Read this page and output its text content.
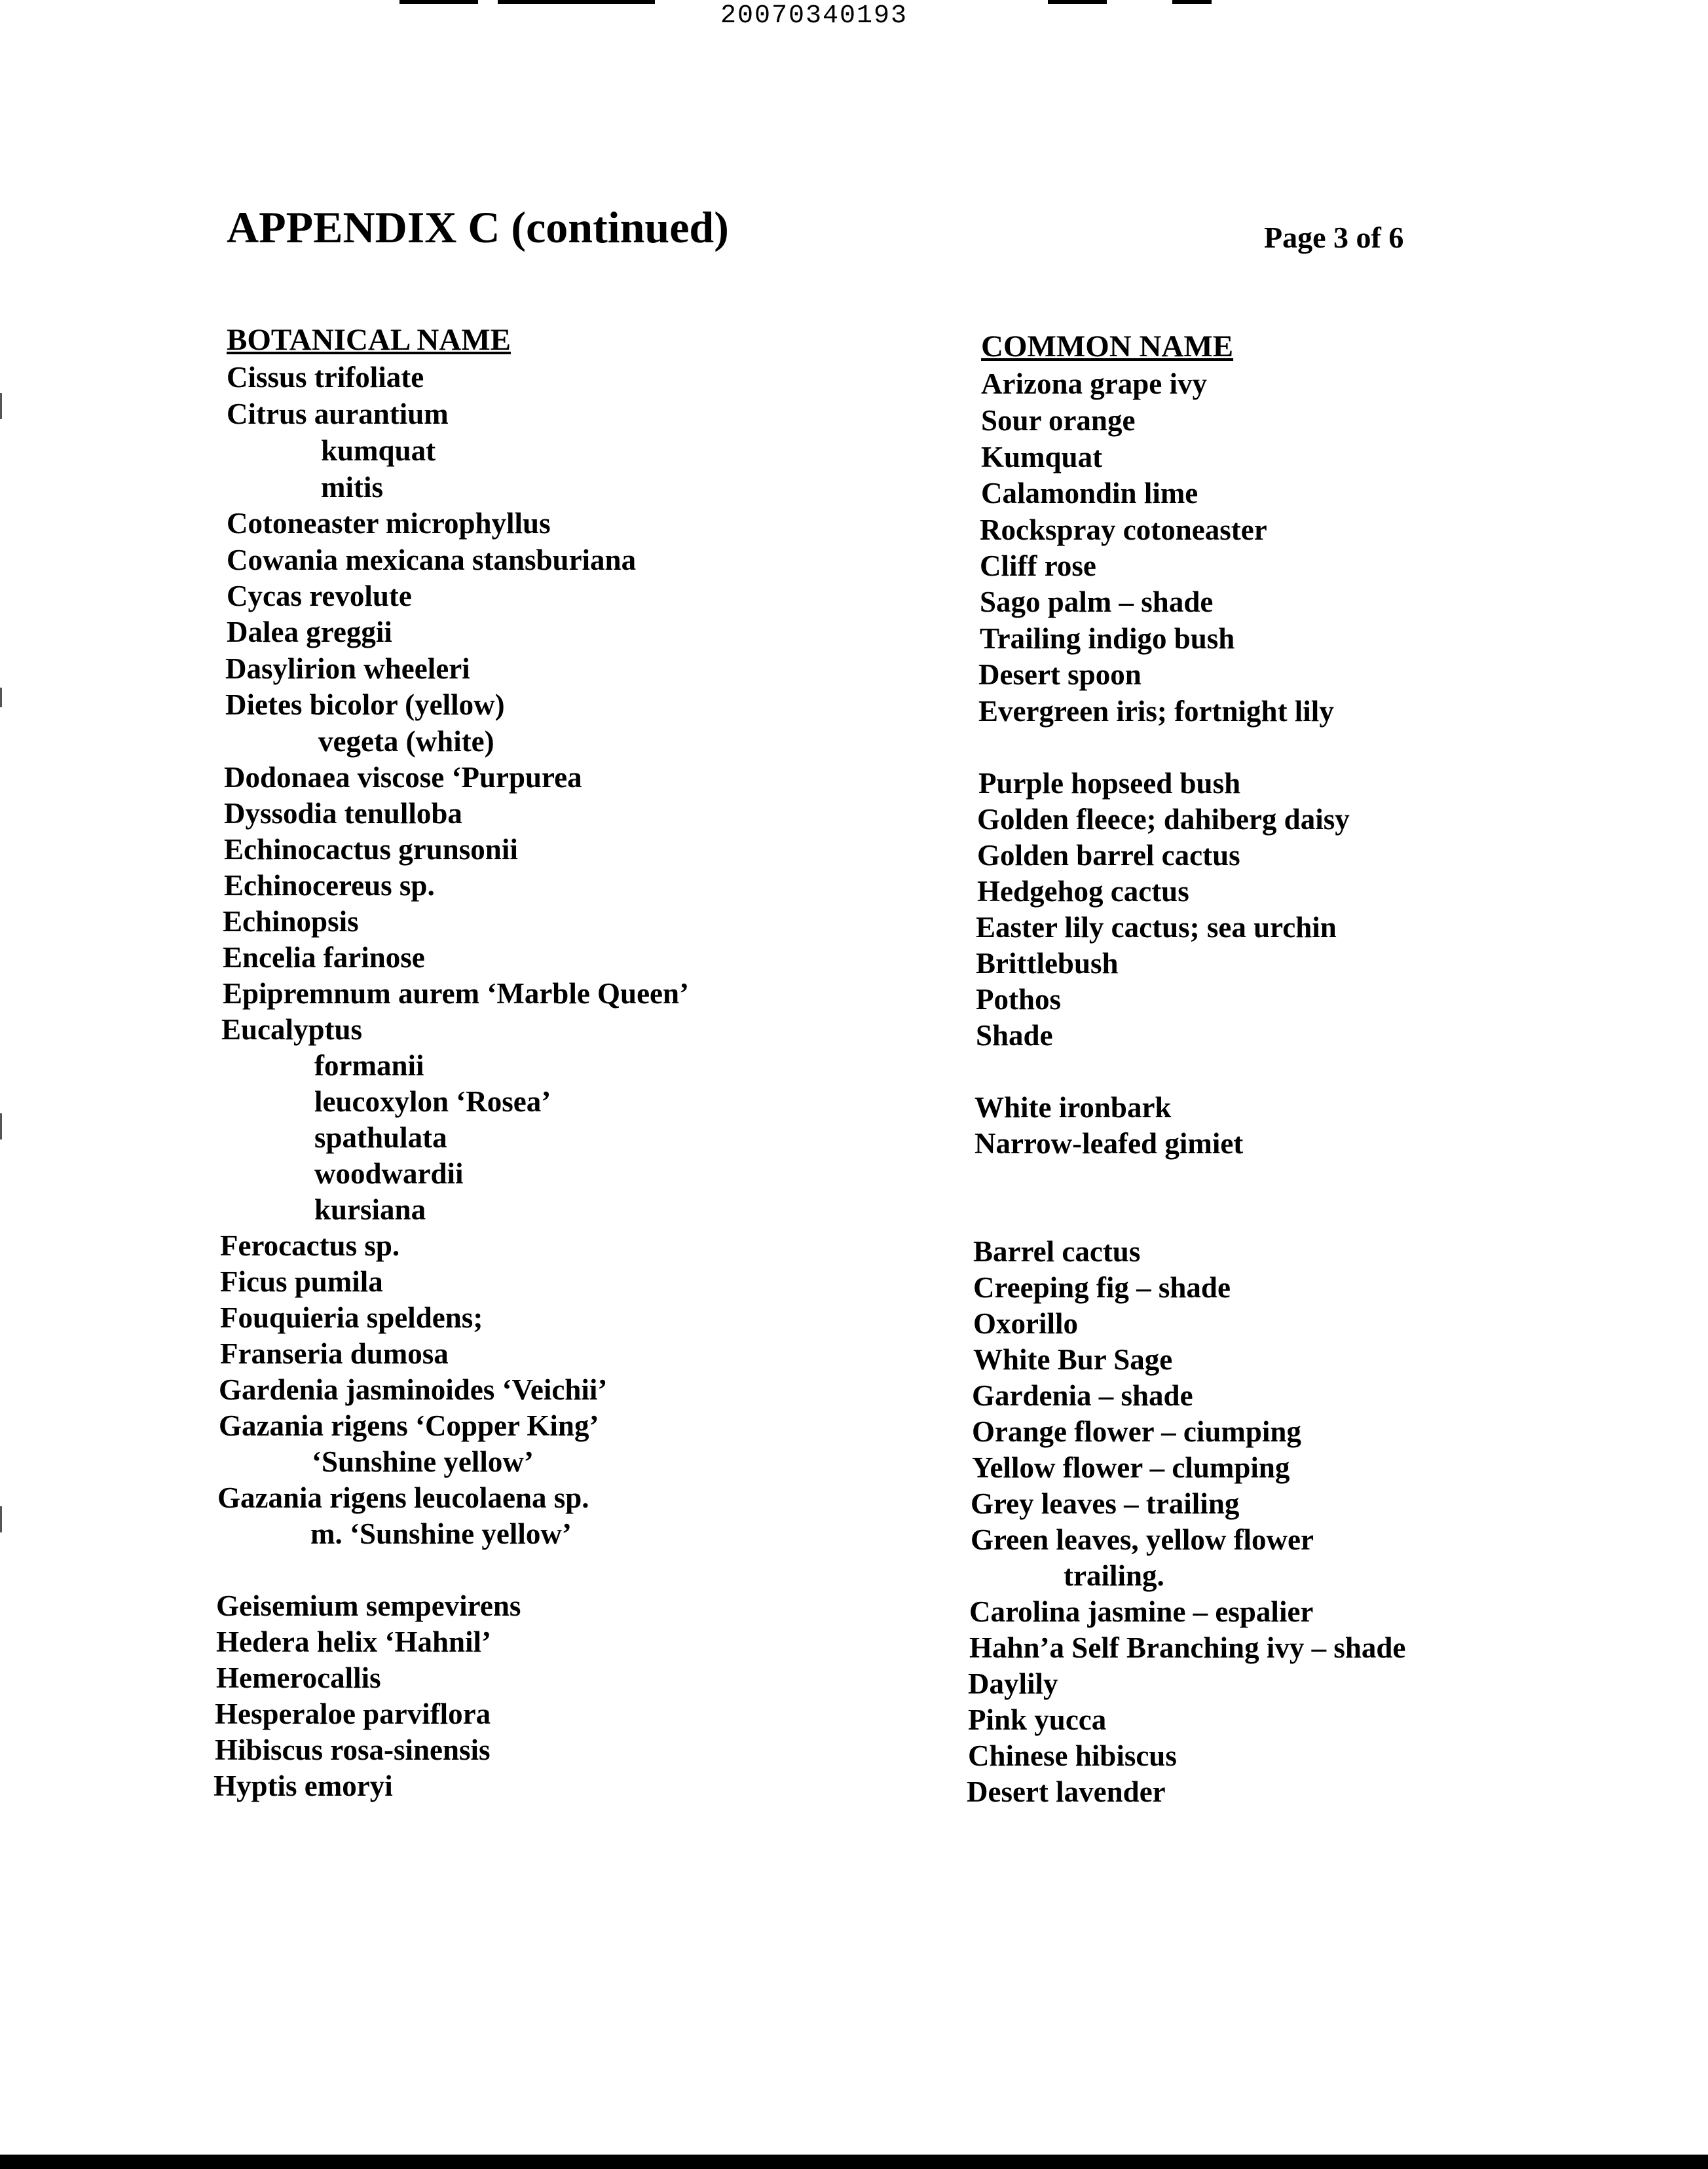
20070340193
APPENDIX C (continued)	Page 3 of 6
BOTANICAL NAME	COMMON NAME
Cissus trifoliate
Citrus aurantium
kumquat
mitis
Cotoneaster microphyllus
Cowania mexicana stansburiana
Cycas revolute
Dalea greggii
Dasylirion wheeleri
Dietes bicolor (yellow)
vegeta (white)
Dodonaea viscose ‘Purpurea
Dyssodia tenulloba
Echinocactus grunsonii
Echinocereus sp.
Echinopsis
Encelia farinose
Epipremnum aurem ‘Marble Queen’
Eucalyptus
formanii
leucoxylon ‘Rosea’
spathulata
woodwardii
kursiana
Ferocactus sp.
Ficus pumila
Fouquieria speldens;
Franseria dumosa
Gardenia jasminoides ‘Veichii’
Gazania rigens ‘Copper King’
‘Sunshine yellow’
Gazania rigens leucolaena sp.
m. ‘Sunshine yellow’
Geisemium sempevirens
Hedera helix ‘Hahnil’
Hemerocallis
Hesperaloe parviflora
Hibiscus rosa-sinensis
Hyptis emoryi
Arizona grape ivy
Sour orange
Kumquat
Calamondin lime
Rockspray cotoneaster
Cliff rose
Sago palm – shade
Trailing indigo bush
Desert spoon
Evergreen iris; fortnight lily
Purple hopseed bush
Golden fleece; dahiberg daisy
Golden barrel cactus
Hedgehog cactus
Easter lily cactus; sea urchin
Brittlebush
Pothos
Shade
White ironbark
Narrow-leafed gimiet
Barrel cactus
Creeping fig – shade
Oxorillo
White Bur Sage
Gardenia – shade
Orange flower – ciumping
Yellow flower – clumping
Grey leaves – trailing
Green leaves, yellow flower
trailing.
Carolina jasmine – espalier
Hahn’a Self Branching ivy – shade
Daylily
Pink yucca
Chinese hibiscus
Desert lavender
